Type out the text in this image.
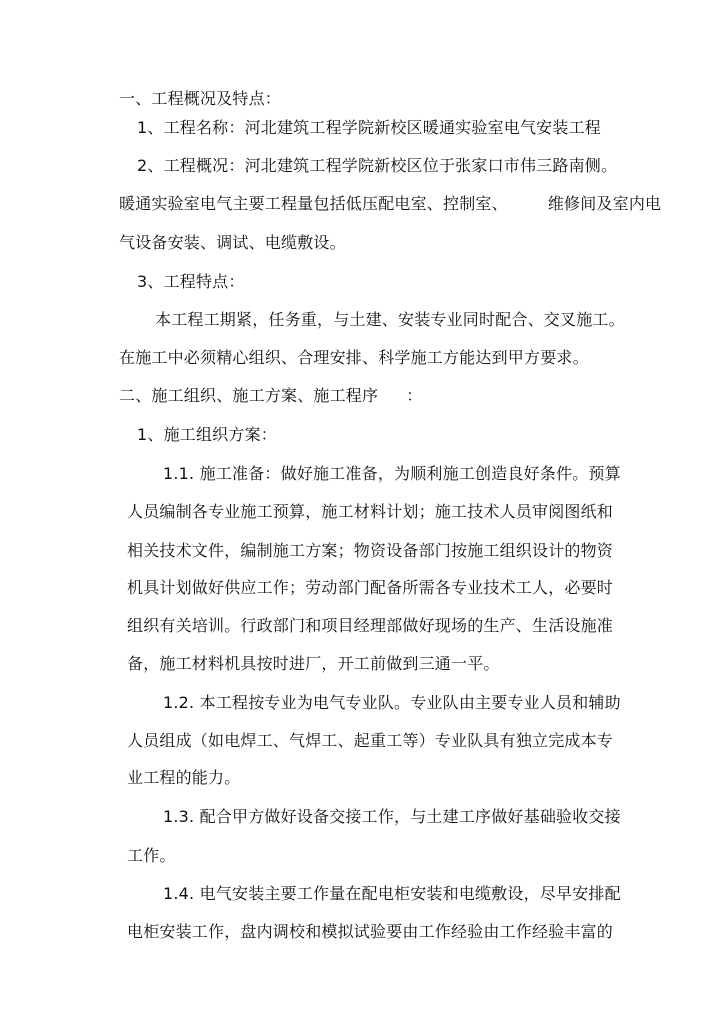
一、工程概况及特点：
1、工程名称：河北建筑工程学院新校区暖通实验室电气安装工程
2、工程概况：河北建筑工程学院新校区位于张家口市伟三路南侧。
暖通实验室电气主要工程量包括低压配电室、控制室、	维修间及室内电
气设备安装、调试、电缆敷设。
3、工程特点：
本工程工期紧，任务重，与土建、安装专业同时配合、交叉施工。
在施工中必须精心组织、合理安排、科学施工方能达到甲方要求。
二、施工组织、施工方案、施工程序 ：
1、施工组织方案：
1.1. 施工准备：做好施工准备，为顺利施工创造良好条件。预算
人员编制各专业施工预算，施工材料计划；施工技术人员审阅图纸和
相关技术文件，编制施工方案；物资设备部门按施工组织设计的物资
机具计划做好供应工作；劳动部门配备所需各专业技术工人，必要时
组织有关培训。行政部门和项目经理部做好现场的生产、生活设施准
备，施工材料机具按时进厂，开工前做到三通一平。
1.2. 本工程按专业为电气专业队。专业队由主要专业人员和辅助
人员组成（如电焊工、气焊工、起重工等）专业队具有独立完成本专
业工程的能力。
1.3. 配合甲方做好设备交接工作，与土建工序做好基础验收交接
工作。
1.4. 电气安装主要工作量在配电柜安装和电缆敷设，尽早安排配
电柜安装工作，盘内调校和模拟试验要由工作经验由工作经验丰富的
